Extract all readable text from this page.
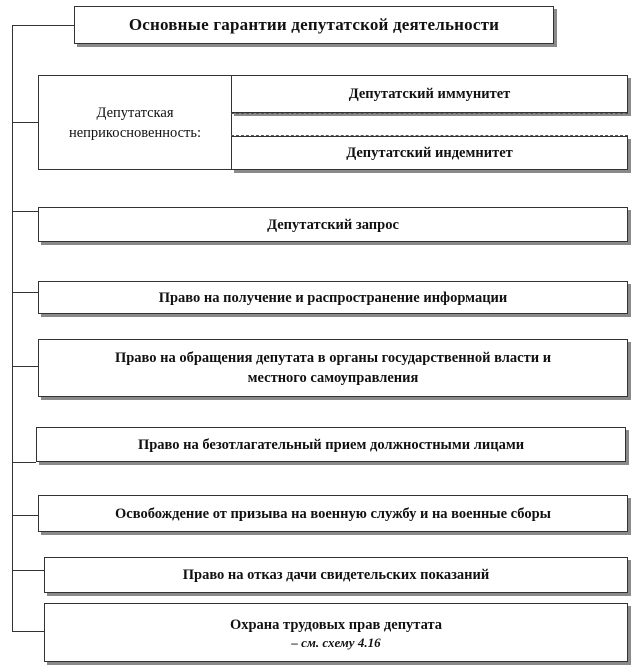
Основные гарантии депутатской деятельности
Депутатская неприкосновенность:
Депутатский иммунитет
Депутатский индемнитет
Депутатский запрос
Право на получение и распространение информации
Право на обращения депутата в органы государственной власти и местного самоуправления
Право на безотлагательный прием должностными лицами
Освобождение от призыва на военную службу и на военные сборы
Право на отказ дачи свидетельских показаний
Охрана трудовых прав депутата
– см. схему 4.16
